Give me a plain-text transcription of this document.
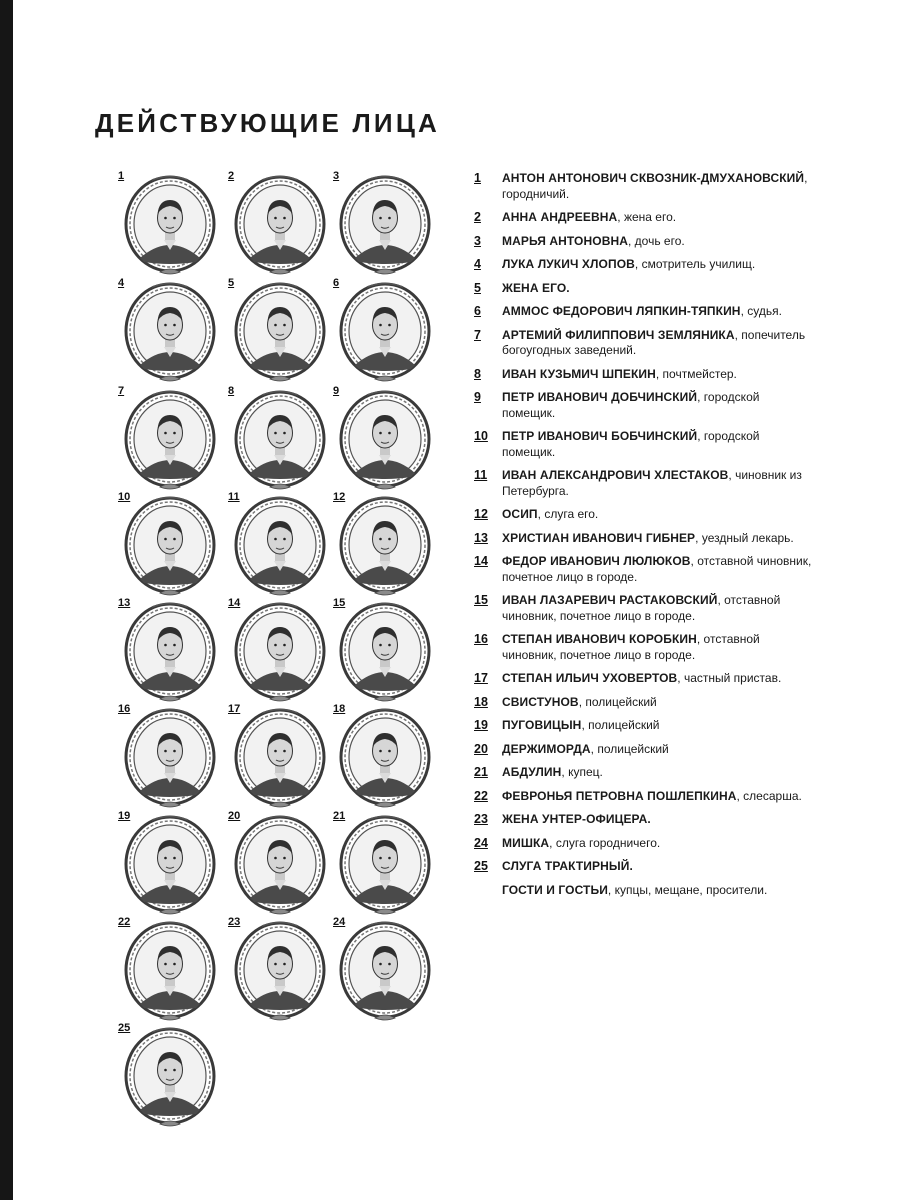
ДЕЙСТВУЮЩИЕ ЛИЦА
1	2	3
4	5	6
7	8	9
10	11	12
13	14	15
16	17	18
19	20	21
22	23	24
25
1 АНТОН АНТОНОВИЧ СКВОЗНИК-ДМУХАНОВСКИЙ, городничий.
2 АННА АНДРЕЕВНА, жена его.
3 МАРЬЯ АНТОНОВНА, дочь его.
4 ЛУКА ЛУКИЧ ХЛОПОВ, смотритель училищ.
5 ЖЕНА ЕГО.
6 АММОС ФЕДОРОВИЧ ЛЯПКИН-ТЯПКИН, судья.
7 АРТЕМИЙ ФИЛИППОВИЧ ЗЕМЛЯНИКА, попечитель богоугодных заведений.
8 ИВАН КУЗЬМИЧ ШПЕКИН, почтмейстер.
9 ПЕТР ИВАНОВИЧ ДОБЧИНСКИЙ, городской помещик.
10 ПЕТР ИВАНОВИЧ БОБЧИНСКИЙ, городской помещик.
11 ИВАН АЛЕКСАНДРОВИЧ ХЛЕСТАКОВ, чиновник из Петербурга.
12 ОСИП, слуга его.
13 ХРИСТИАН ИВАНОВИЧ ГИБНЕР, уездный лекарь.
14 ФЕДОР ИВАНОВИЧ ЛЮЛЮКОВ, отставной чиновник, почетное лицо в городе.
15 ИВАН ЛАЗАРЕВИЧ РАСТАКОВСКИЙ, отставной чиновник, почетное лицо в городе.
16 СТЕПАН ИВАНОВИЧ КОРОБКИН, отставной чиновник, почетное лицо в городе.
17 СТЕПАН ИЛЬИЧ УХОВЕРТОВ, частный пристав.
18 СВИСТУНОВ, полицейский
19 ПУГОВИЦЫН, полицейский
20 ДЕРЖИМОРДА, полицейский
21 АБДУЛИН, купец.
22 ФЕВРОНЬЯ ПЕТРОВНА ПОШЛЕПКИНА, слесарша.
23 ЖЕНА УНТЕР-ОФИЦЕРА.
24 МИШКА, слуга городничего.
25 СЛУГА ТРАКТИРНЫЙ.
ГОСТИ И ГОСТЬИ, купцы, мещане, просители.
